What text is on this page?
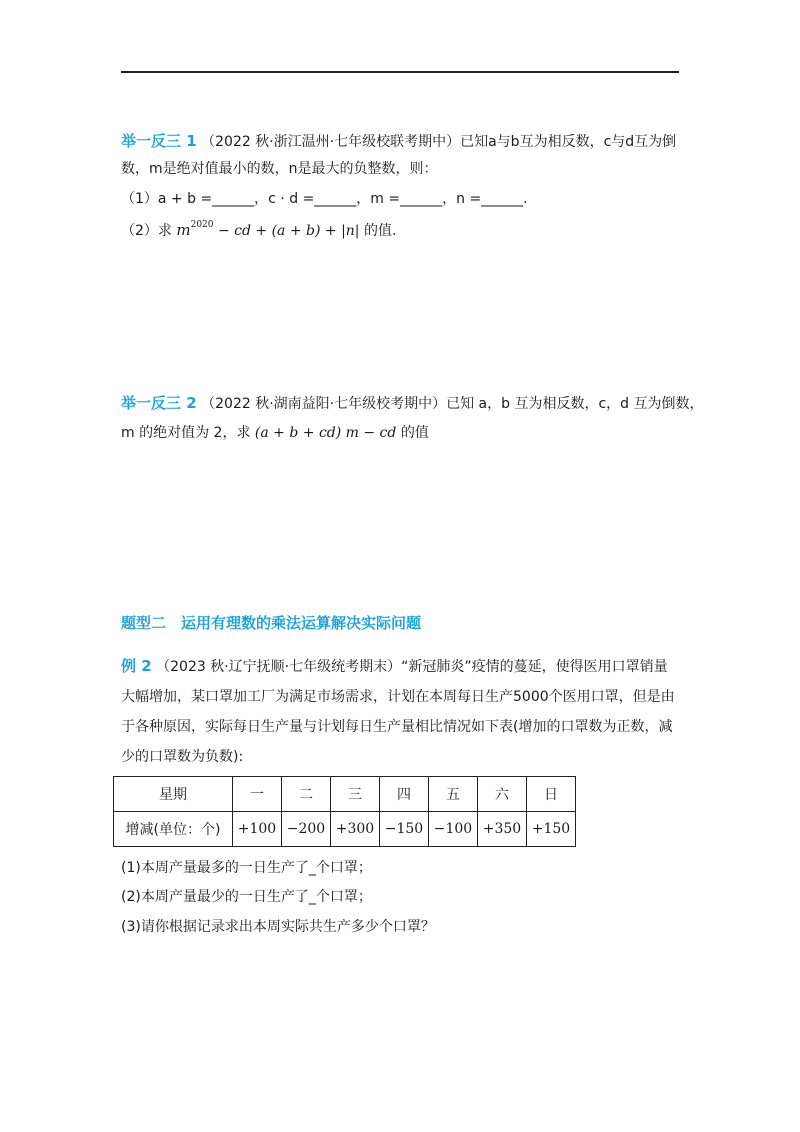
举一反三 1 （2022 秋·浙江温州·七年级校联考期中）已知a与b互为相反数，c与d互为倒
数，m是绝对值最小的数，n是最大的负整数，则：
（1）a + b =______，c · d =______，m =______，n =______.
（2）求 $m^{2020}$ − cd + (a + b) + |n| 的值.
举一反三 2 （2022 秋·湖南益阳·七年级校考期中）已知 a，b 互为相反数，c，d 互为倒数，
m 的绝对值为 2，求 (a + b + cd) m − cd 的值
题型二　运用有理数的乘法运算解决实际问题
例 2 （2023 秋·辽宁抚顺·七年级统考期末）“新冠肺炎”疫情的蔓延，使得医用口罩销量
大幅增加，某口罩加工厂为满足市场需求，计划在本周每日生产5000个医用口罩，但是由
于各种原因，实际每日生产量与计划每日生产量相比情况如下表(增加的口罩数为正数，减
少的口罩数为负数):
星期	一	二	三	四	五	六	日
增减(单位：个)	+100	−200	+300	−150	−100	+350	+150
(1)本周产量最多的一日生产了_个口罩；
(2)本周产量最少的一日生产了_个口罩；
(3)请你根据记录求出本周实际共生产多少个口罩？
